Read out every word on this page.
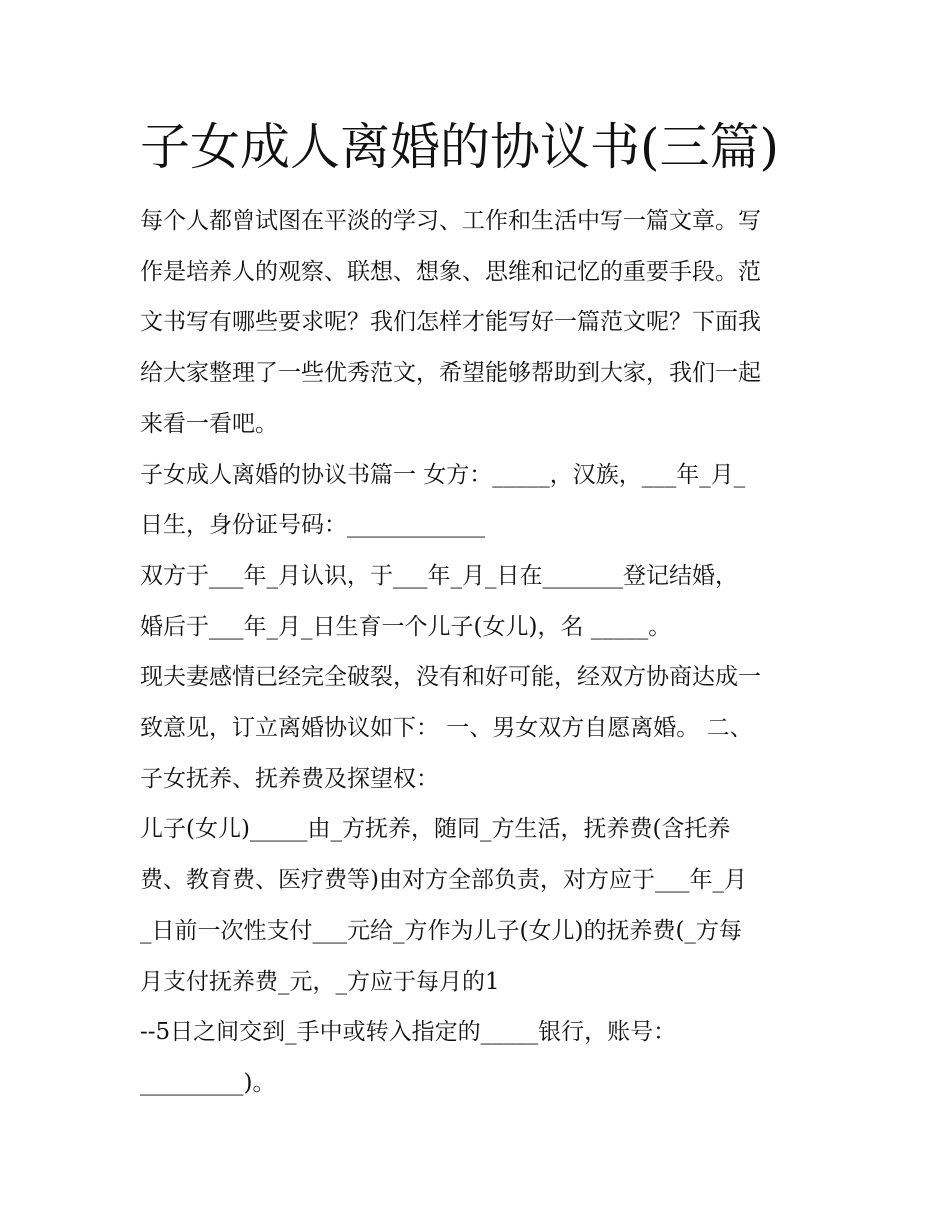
子女成人离婚的协议书(三篇)
每个人都曾试图在平淡的学习、工作和生活中写一篇文章。写
作是培养人的观察、联想、想象、思维和记忆的重要手段。范
文书写有哪些要求呢？我们怎样才能写好一篇范文呢？下面我
给大家整理了一些优秀范文，希望能够帮助到大家，我们一起
来看一看吧。
子女成人离婚的协议书篇一 女方：_____，汉族，___年_月_
日生，身份证号码：____________
双方于___年_月认识，于___年_月_日在_______登记结婚，
婚后于___年_月_日生育一个儿子(女儿)，名 _____。
现夫妻感情已经完全破裂，没有和好可能，经双方协商达成一
致意见，订立离婚协议如下： 一、男女双方自愿离婚。 二、
子女抚养、抚养费及探望权：
儿子(女儿)_____由_方抚养，随同_方生活，抚养费(含托养
费、教育费、医疗费等)由对方全部负责，对方应于___年_月
_日前一次性支付___元给_方作为儿子(女儿)的抚养费(_方每
月支付抚养费_元，_方应于每月的1
--5日之间交到_手中或转入指定的_____银行，账号：
_________)。
